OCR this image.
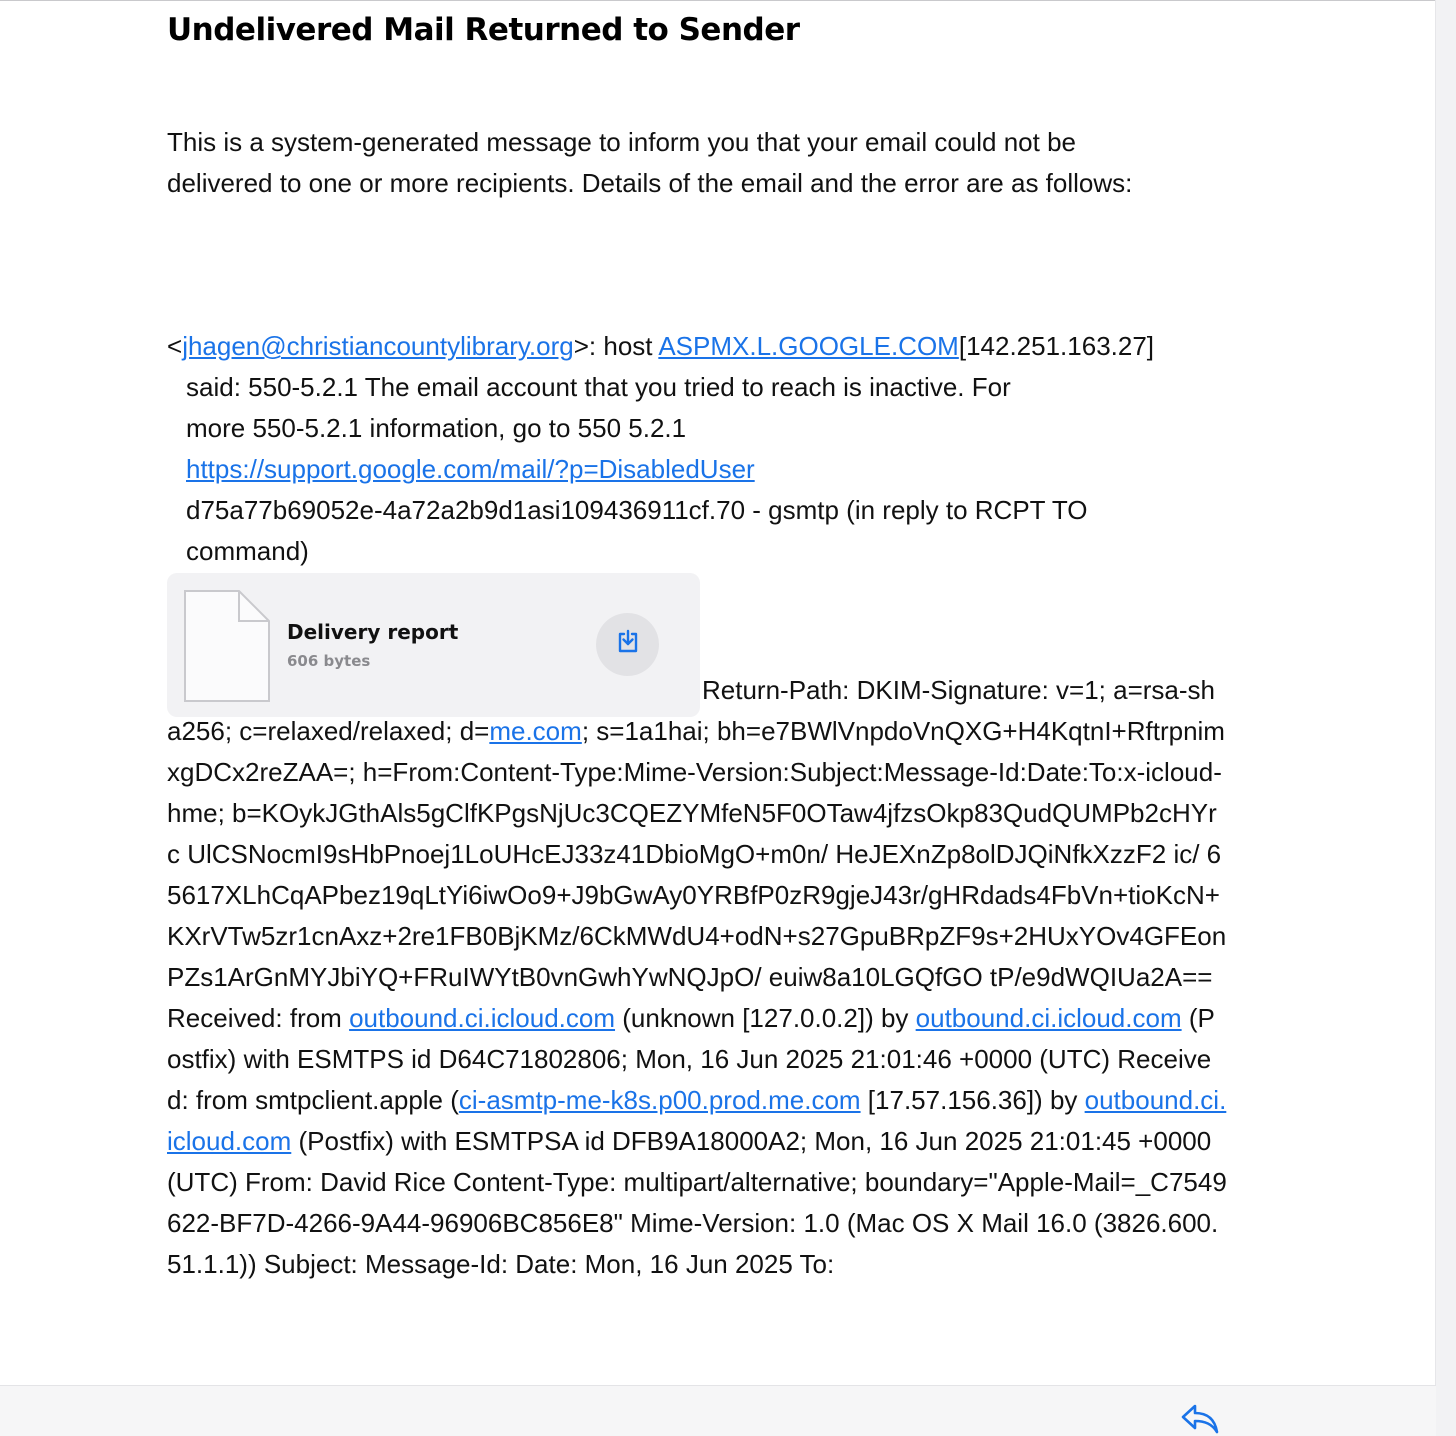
Undelivered Mail Returned to Sender
This is a system-generated message to inform you that your email could not be delivered to one or more recipients. Details of the email and the error are as follows:
<jhagen@christiancountylibrary.org>: host ASPMX.L.GOOGLE.COM[142.251.163.27]
said: 550-5.2.1 The email account that you tried to reach is inactive. For
more 550-5.2.1 information, go to 550 5.2.1
https://support.google.com/mail/?p=DisabledUser
d75a77b69052e-4a72a2b9d1asi109436911cf.70 - gsmtp (in reply to RCPT TO
command)
Delivery report
606 bytes
Return-Path: DKIM-Signature: v=1; a=rsa-sha256; c=relaxed/relaxed; d=me.com; s=1a1hai; bh=e7BWlVnpdoVnQXG+H4KqtnI+RftrpnimxgDCx2reZAA=; h=From:Content-Type:Mime-Version:Subject:Message-Id:Date:To:x-icloud-hme; b=KOykJGthAls5gClfKPgsNjUc3CQEZYMfeN5F0OTaw4jfzsOkp83QudQUMPb2cHYrc UlCSNocmI9sHbPnoej1LoUHcEJ33z41DbioMgO+m0n/ HeJEXnZp8olDJQiNfkXzzF2 ic/ 65617XLhCqAPbez19qLtYi6iwOo9+J9bGwAy0YRBfP0zR9gjeJ43r/gHRdads4FbVn+tioKcN+KXrVTw5zr1cnAxz+2re1FB0BjKMz/6CkMWdU4+odN+s27GpuBRpZF9s+2HUxYOv4GFEonPZs1ArGnMYJbiYQ+FRuIWYtB0vnGwhYwNQJpO/ euiw8a10LGQfGO tP/e9dWQIUa2A== Received: from outbound.ci.icloud.com (unknown [127.0.0.2]) by outbound.ci.icloud.com (Postfix) with ESMTPS id D64C71802806; Mon, 16 Jun 2025 21:01:46 +0000 (UTC) Received: from smtpclient.apple (ci-asmtp-me-k8s.p00.prod.me.com [17.57.156.36]) by outbound.ci.icloud.com (Postfix) with ESMTPSA id DFB9A18000A2; Mon, 16 Jun 2025 21:01:45 +0000 (UTC) From: David Rice Content-Type: multipart/alternative; boundary="Apple-Mail=_C7549622-BF7D-4266-9A44-96906BC856E8" Mime-Version: 1.0 (Mac OS X Mail 16.0 (3826.600.51.1.1)) Subject: Message-Id: Date: Mon, 16 Jun 2025 To:
